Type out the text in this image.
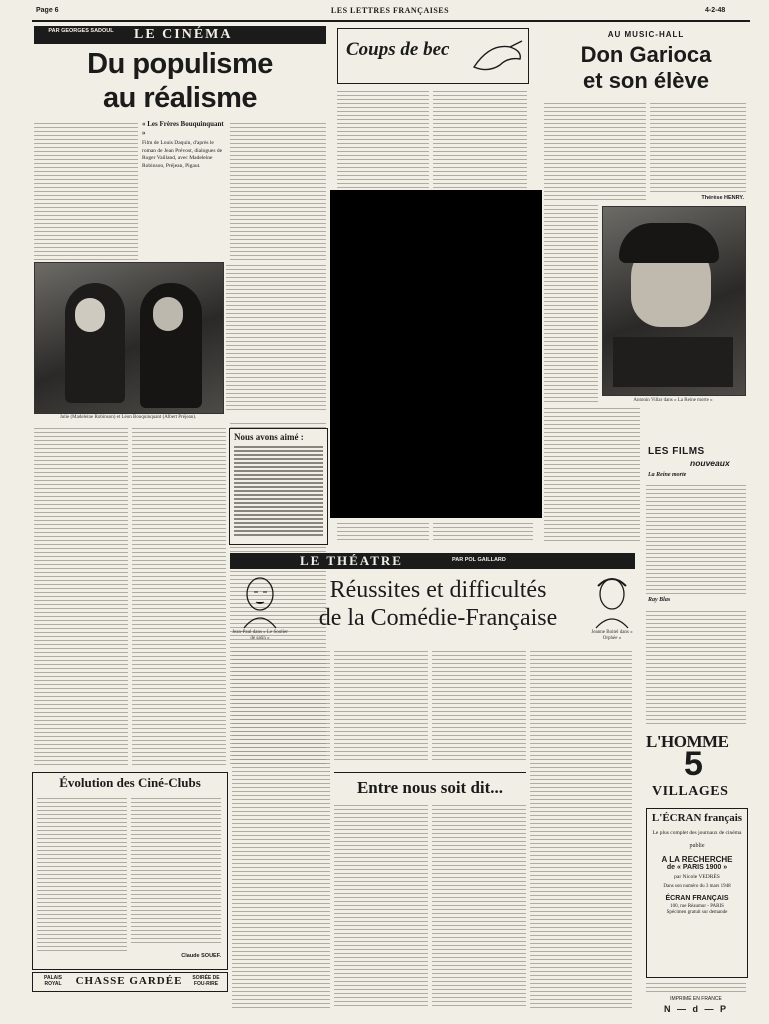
Page 6	LES LETTRES FRANÇAISES	4-2-48
PAR GEORGES SADOUL	LE CINÉMA
Du populisme
au réalisme
« Les Frères Bouquinquant »
Film de Louis Daquin, d'après le roman de Jean Prévost, dialogues de Roger Vailland, avec Madeleine Robinson, Préjean, Pigaut.
Julie (Madeleine Robinson) et Léon Bouquinquant (Albert Préjean).
Coups de bec
Nous avons aimé :
AU MUSIC-HALL
Don Garioca
et son élève
Thérèse HENRY.
Antonin Villar dans « La Reine morte »
LES FILMS
nouveaux
La Reine morte
Ray Blas
LE THÉATRE	PAR POL GAILLARD
Jean-Paul dans « Le Soulier de satin »
Réussites et difficultés
de la Comédie-Française
Jeanne Boitel dans « Orphée »
Entre nous soit dit...
Évolution des Ciné-Clubs
Claude SOUEF.
PALAIS ROYAL	CHASSE GARDÉE	SOIRÉE DE FOU-RIRE
L'HOMME
5
VILLAGES
L'ÉCRAN français
Le plus complet des journaux de cinéma
publie
A LA RECHERCHE
de « PARIS 1900 »
par Nicole VEDRÈS
Dans son numéro du 3 mars 1948
ÉCRAN FRANÇAIS
100, rue Réaumur - PARIS
Spécimen gratuit sur demande
IMPRIMÉ EN FRANCE
N — d — P
